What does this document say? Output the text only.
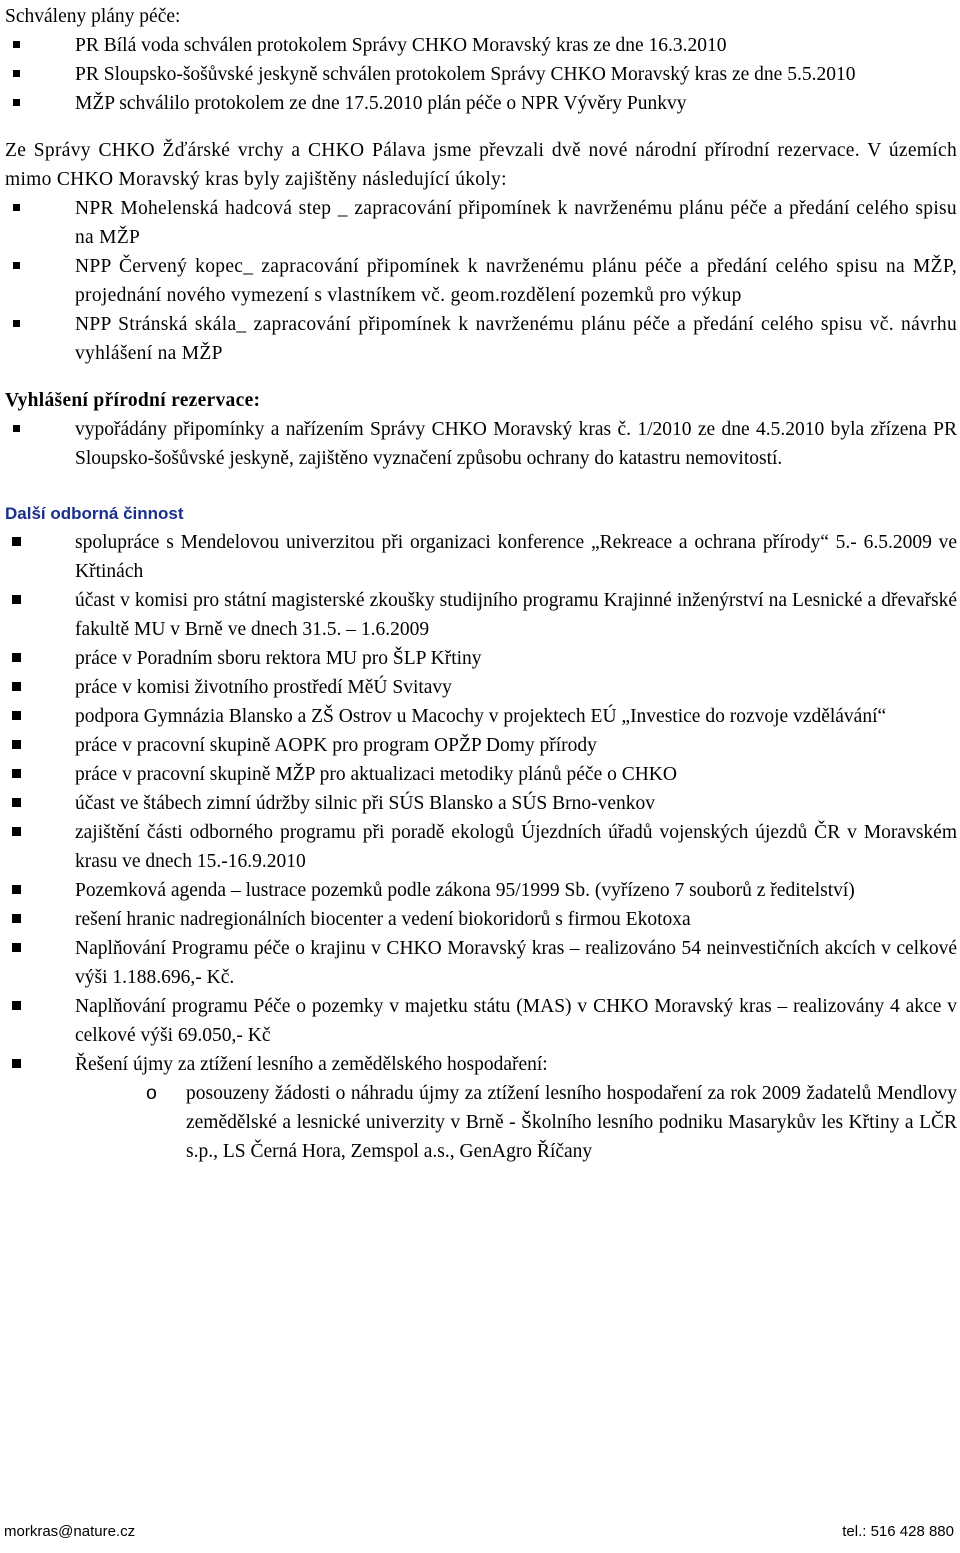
Schváleny plány péče:

PR Bílá voda schválen protokolem Správy CHKO Moravský kras ze dne 16.3.2010
PR Sloupsko-šošůvské jeskyně schválen protokolem Správy CHKO Moravský kras ze dne 5.5.2010
MŽP schválilo protokolem ze dne 17.5.2010 plán péče o NPR Vývěry Punkvy

Ze Správy CHKO Žďárské vrchy a CHKO Pálava jsme převzali dvě nové národní přírodní rezervace. V územích mimo CHKO Moravský kras byly zajištěny následující úkoly:

NPR Mohelenská hadcová step _ zapracování připomínek k navrženému plánu péče a předání celého spisu na MŽP
NPP Červený kopec_ zapracování připomínek k navrženému plánu péče a předání celého spisu na MŽP, projednání nového vymezení s vlastníkem vč. geom.rozdělení pozemků pro výkup
NPP Stránská skála_ zapracování připomínek k navrženému plánu péče a předání celého spisu vč. návrhu vyhlášení na MŽP

Vyhlášení přírodní rezervace:

vypořádány připomínky a nařízením Správy CHKO Moravský kras č. 1/2010 ze dne 4.5.2010 byla zřízena PR Sloupsko-šošůvské jeskyně, zajištěno vyznačení způsobu ochrany do katastru nemovitostí.

Další odborná činnost

spolupráce s Mendelovou univerzitou při organizaci konference „Rekreace a ochrana přírody“ 5.- 6.5.2009 ve Křtinách
účast v komisi pro státní magisterské zkoušky studijního programu Krajinné inženýrství na Lesnické a dřevařské fakultě MU v Brně ve dnech 31.5. – 1.6.2009
práce v Poradním sboru rektora MU pro ŠLP Křtiny
práce v komisi životního prostředí MěÚ Svitavy
podpora Gymnázia Blansko a ZŠ Ostrov u Macochy v projektech EÚ „Investice do rozvoje vzdělávání“
práce v pracovní skupině AOPK pro program OPŽP Domy přírody
práce v pracovní skupině MŽP pro aktualizaci metodiky plánů péče o CHKO
účast ve štábech zimní údržby silnic při SÚS Blansko a SÚS Brno-venkov
zajištění části odborného programu při poradě ekologů Újezdních úřadů vojenských újezdů ČR v Moravském krasu ve dnech 15.-16.9.2010
Pozemková agenda – lustrace pozemků podle zákona 95/1999 Sb. (vyřízeno 7 souborů z ředitelství)
rešení hranic nadregionálních biocenter a vedení biokoridorů s firmou Ekotoxa
Naplňování Programu péče o krajinu v CHKO Moravský kras – realizováno 54 neinvestičních akcích v celkové výši 1.188.696,- Kč.
Naplňování programu Péče o pozemky v majetku státu (MAS) v CHKO Moravský kras – realizovány 4 akce v celkové výši 69.050,- Kč
Řešení újmy za ztížení lesního a zemědělského hospodaření:
o posouzeny žádosti o náhradu újmy za ztížení lesního hospodaření za rok 2009 žadatelů Mendlovy zemědělské a lesnické univerzity v Brně - Školního lesního podniku Masarykův les Křtiny a LČR s.p., LS Černá Hora, Zemspol a.s., GenAgro Říčany
morkras@nature.cz	tel.: 516 428 880
